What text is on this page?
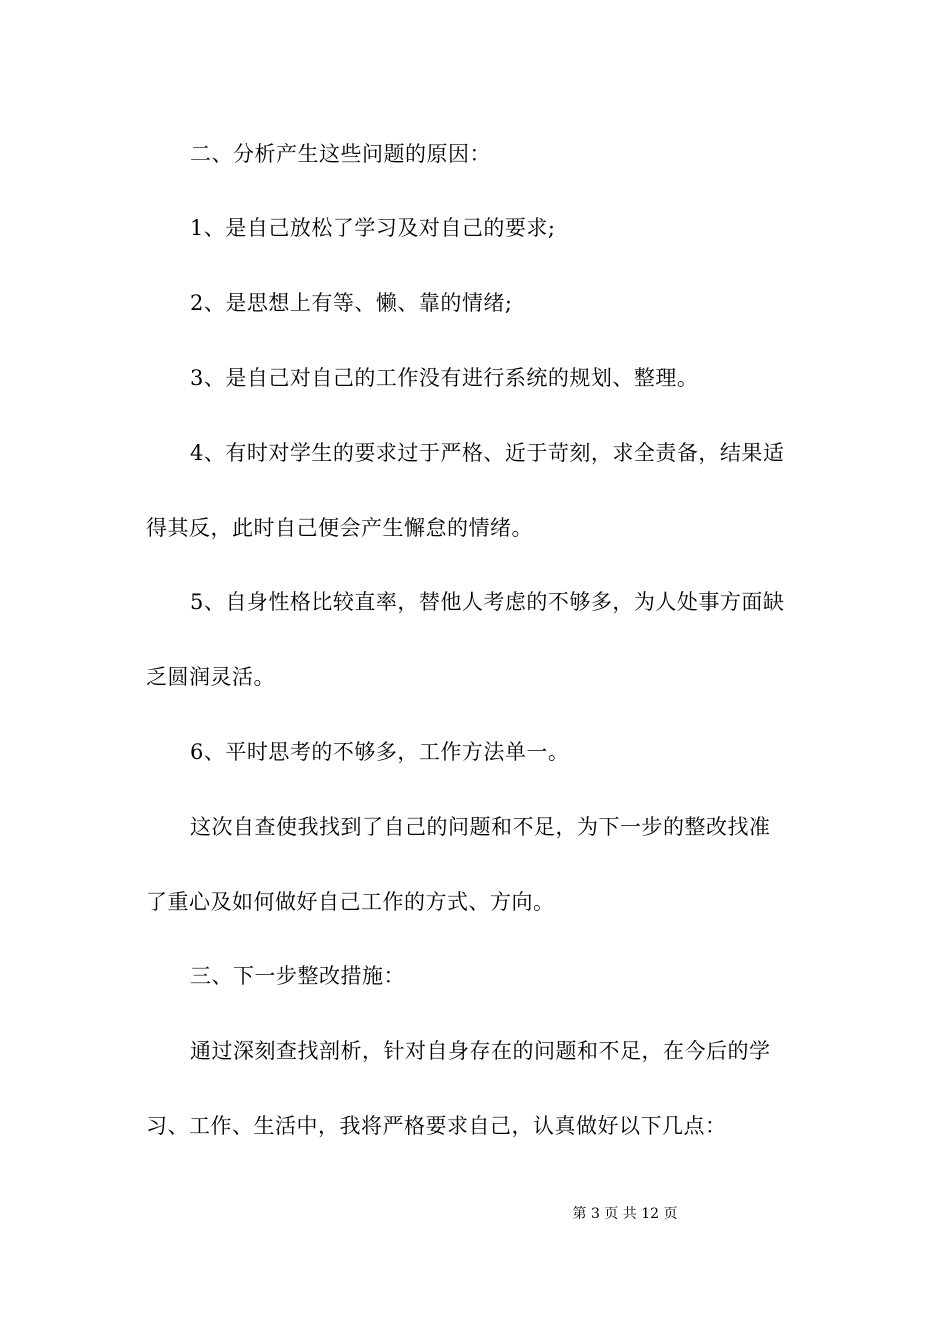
二、分析产生这些问题的原因：
1、是自己放松了学习及对自己的要求;
2、是思想上有等、懒、靠的情绪;
3、是自己对自己的工作没有进行系统的规划、整理。
4、有时对学生的要求过于严格、近于苛刻，求全责备，结果适
得其反，此时自己便会产生懈怠的情绪。
5、自身性格比较直率，替他人考虑的不够多，为人处事方面缺
乏圆润灵活。
6、平时思考的不够多，工作方法单一。
这次自查使我找到了自己的问题和不足，为下一步的整改找准
了重心及如何做好自己工作的方式、方向。
三、下一步整改措施：
通过深刻查找剖析，针对自身存在的问题和不足，在今后的学
习、工作、生活中，我将严格要求自己，认真做好以下几点：
第 3 页 共 12 页
